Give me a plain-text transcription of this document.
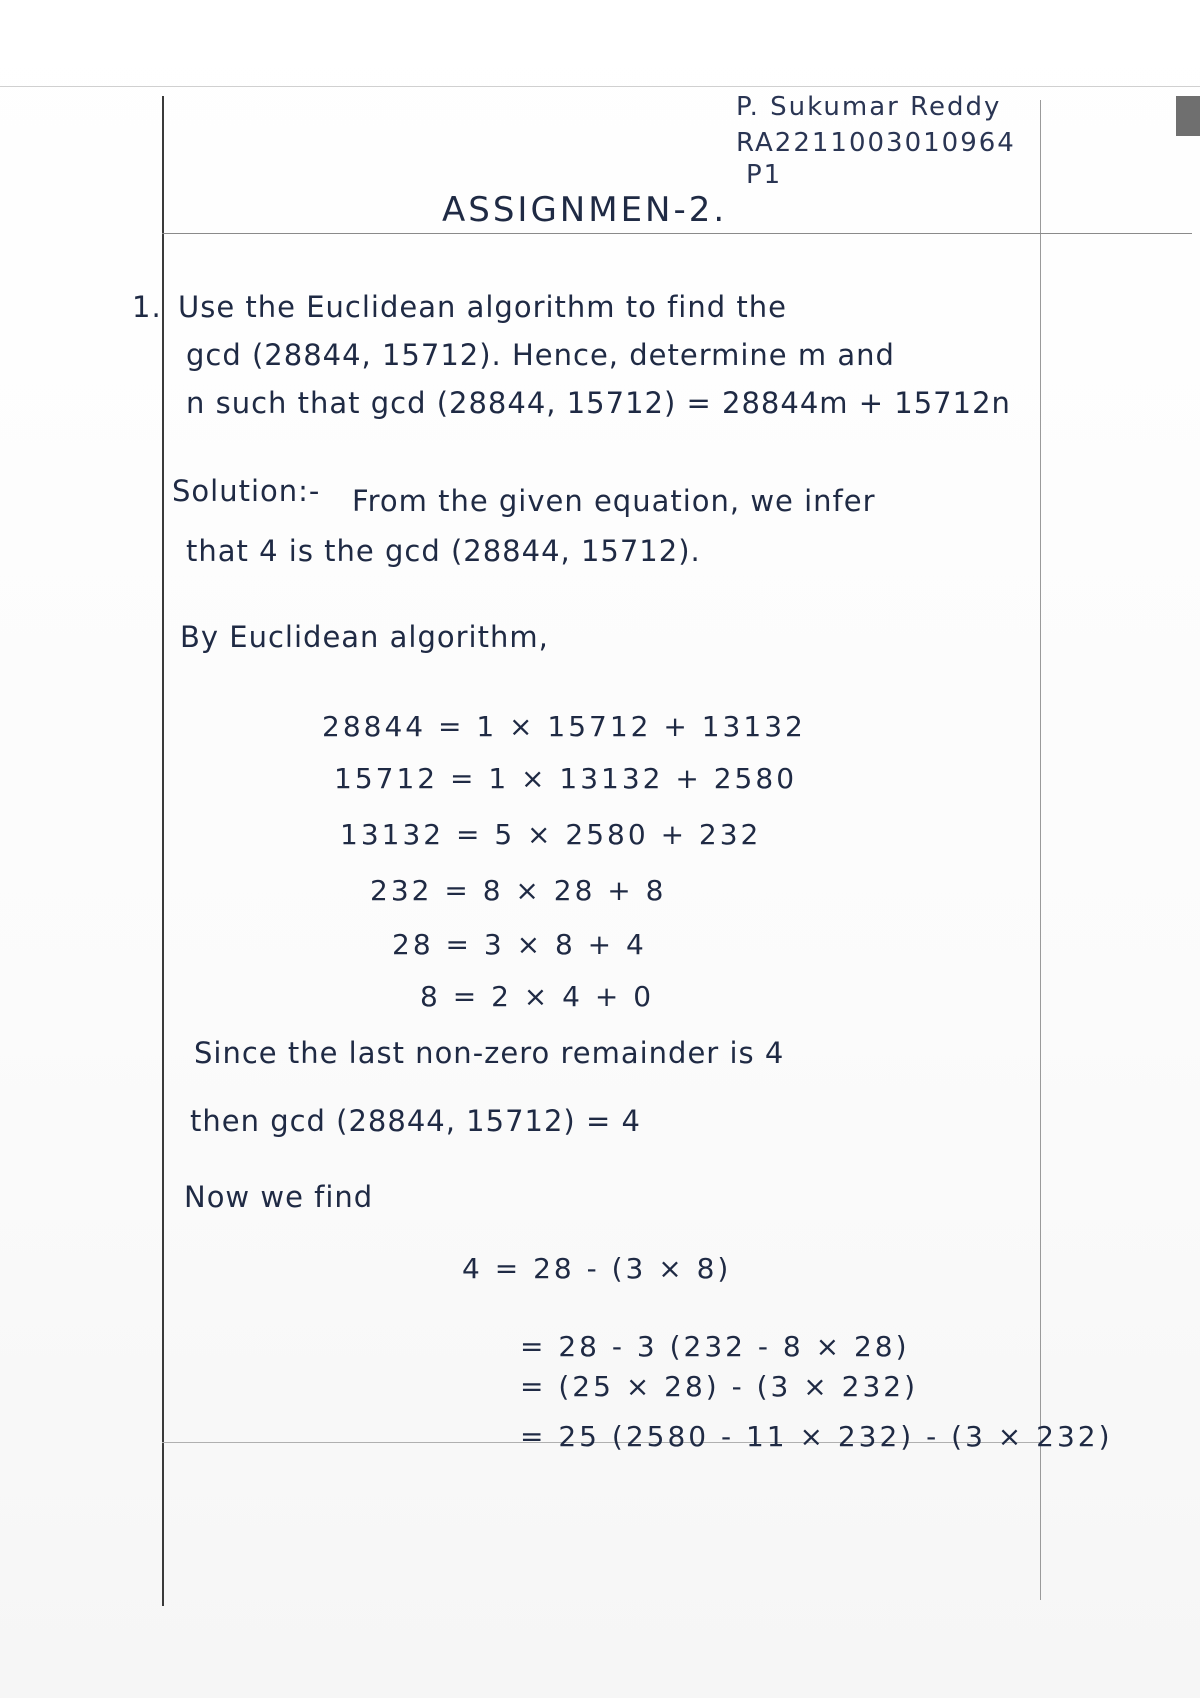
P. Sukumar Reddy
RA2211003010964
P1
ASSIGNMEN-2.
1. Use the Euclidean algorithm to find the
gcd (28844, 15712). Hence, determine m and
n such that gcd (28844, 15712) = 28844m + 15712n
Solution:- From the given equation, we infer
that 4 is the gcd (28844, 15712).
By Euclidean algorithm,
28844 = 1 × 15712 + 13132
15712 = 1 × 13132 + 2580
13132 = 5 × 2580 + 232
232 = 8 × 28 + 8
28 = 3 × 8 + 4
8 = 2 × 4 + 0
Since the last non-zero remainder is 4
then gcd (28844, 15712) = 4
Now we find
4 = 28 - (3 × 8)
= 28 - 3 (232 - 8 × 28)
= (25 × 28) - (3 × 232)
= 25 (2580 - 11 × 232) - (3 × 232)
